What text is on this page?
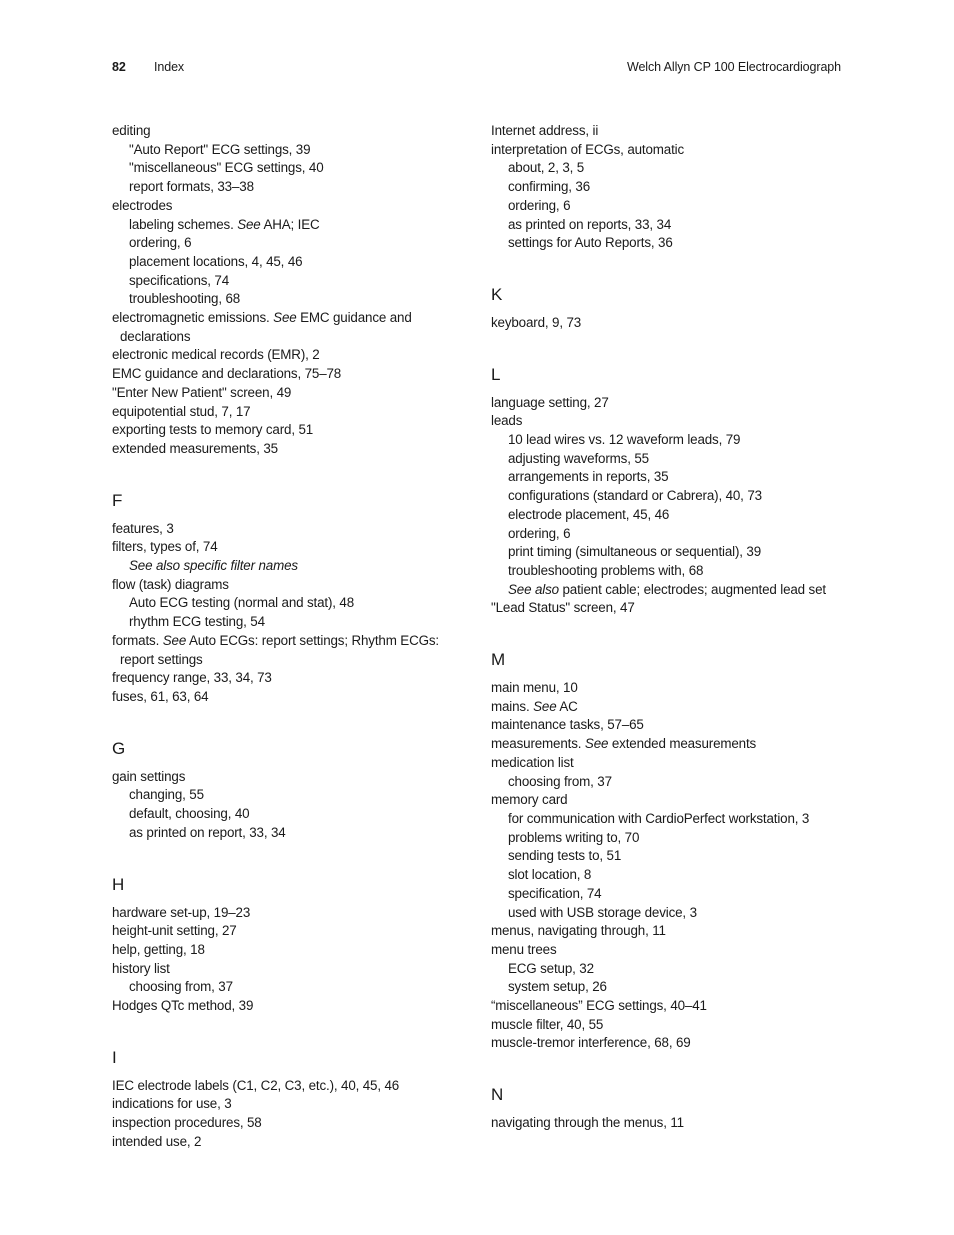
82 Index	Welch Allyn CP 100 Electrocardiograph
editing
"Auto Report" ECG settings, 39
"miscellaneous" ECG settings, 40
report formats, 33–38
electrodes
labeling schemes. See AHA; IEC
ordering, 6
placement locations, 4, 45, 46
specifications, 74
troubleshooting, 68
electromagnetic emissions. See EMC guidance and
declarations
electronic medical records (EMR), 2
EMC guidance and declarations, 75–78
"Enter New Patient" screen, 49
equipotential stud, 7, 17
exporting tests to memory card, 51
extended measurements, 35
F
features, 3
filters, types of, 74
See also specific filter names
flow (task) diagrams
Auto ECG testing (normal and stat), 48
rhythm ECG testing, 54
formats. See Auto ECGs: report settings; Rhythm ECGs:
report settings
frequency range, 33, 34, 73
fuses, 61, 63, 64
G
gain settings
changing, 55
default, choosing, 40
as printed on report, 33, 34
H
hardware set-up, 19–23
height-unit setting, 27
help, getting, 18
history list
choosing from, 37
Hodges QTc method, 39
I
IEC electrode labels (C1, C2, C3, etc.), 40, 45, 46
indications for use, 3
inspection procedures, 58
intended use, 2
Internet address, ii
interpretation of ECGs, automatic
about, 2, 3, 5
confirming, 36
ordering, 6
as printed on reports, 33, 34
settings for Auto Reports, 36
K
keyboard, 9, 73
L
language setting, 27
leads
10 lead wires vs. 12 waveform leads, 79
adjusting waveforms, 55
arrangements in reports, 35
configurations (standard or Cabrera), 40, 73
electrode placement, 45, 46
ordering, 6
print timing (simultaneous or sequential), 39
troubleshooting problems with, 68
See also patient cable; electrodes; augmented lead set
"Lead Status" screen, 47
M
main menu, 10
mains. See AC
maintenance tasks, 57–65
measurements. See extended measurements
medication list
choosing from, 37
memory card
for communication with CardioPerfect workstation, 3
problems writing to, 70
sending tests to, 51
slot location, 8
specification, 74
used with USB storage device, 3
menus, navigating through, 11
menu trees
ECG setup, 32
system setup, 26
“miscellaneous” ECG settings, 40–41
muscle filter, 40, 55
muscle-tremor interference, 68, 69
N
navigating through the menus, 11
